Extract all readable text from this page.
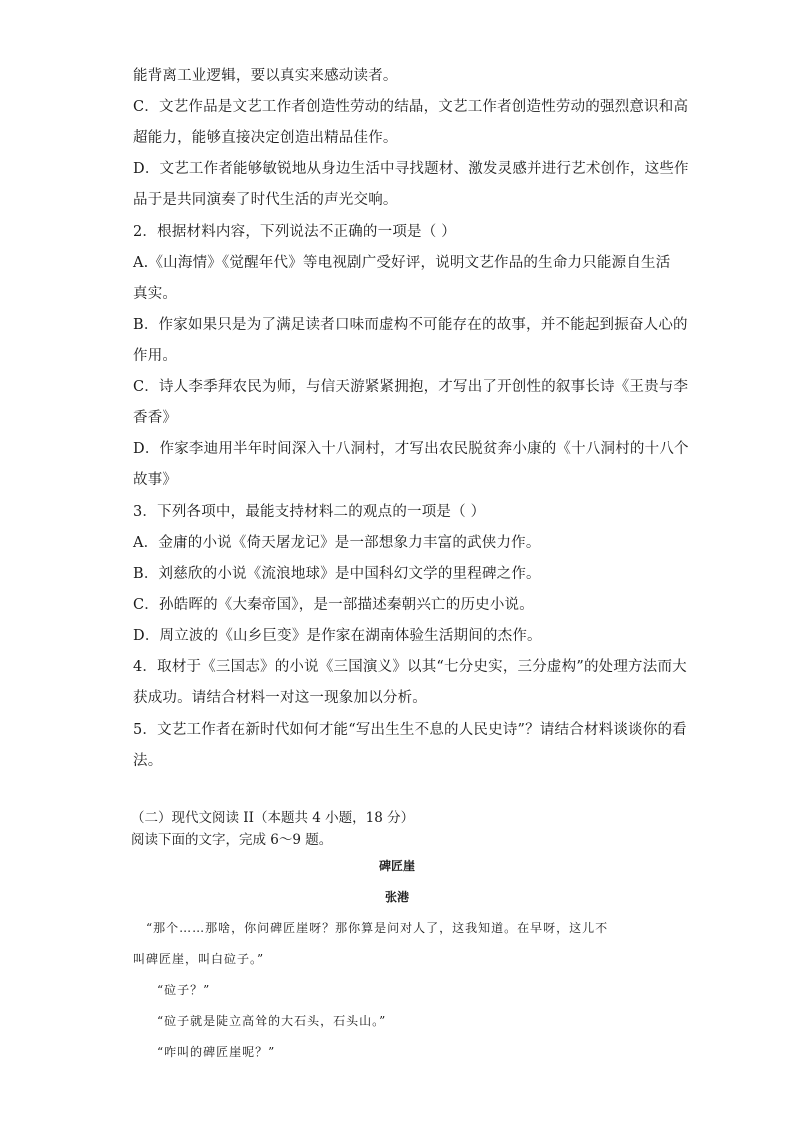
能背离工业逻辑，要以真实来感动读者。
C．文艺作品是文艺工作者创造性劳动的结晶，文艺工作者创造性劳动的强烈意识和高
超能力，能够直接决定创造出精品佳作。
D．文艺工作者能够敏锐地从身边生活中寻找题材、激发灵感并进行艺术创作，这些作
品于是共同演奏了时代生活的声光交响。
2．根据材料内容，下列说法不正确的一项是（ ）
A.《山海情》《觉醒年代》等电视剧广受好评，说明文艺作品的生命力只能源自生活
真实。
B．作家如果只是为了满足读者口味而虚构不可能存在的故事，并不能起到振奋人心的
作用。
C．诗人李季拜农民为师，与信天游紧紧拥抱，才写出了开创性的叙事长诗《王贵与李
香香》
D．作家李迪用半年时间深入十八洞村，才写出农民脱贫奔小康的《十八洞村的十八个
故事》
3．下列各项中，最能支持材料二的观点的一项是（ ）
A．金庸的小说《倚天屠龙记》是一部想象力丰富的武侠力作。
B．刘慈欣的小说《流浪地球》是中国科幻文学的里程碑之作。
C．孙皓晖的《大秦帝国》，是一部描述秦朝兴亡的历史小说。
D．周立波的《山乡巨变》是作家在湖南体验生活期间的杰作。
4．取材于《三国志》的小说《三国演义》以其“七分史实，三分虚构”的处理方法而大
获成功。请结合材料一对这一现象加以分析。
5．文艺工作者在新时代如何才能“写出生生不息的人民史诗”？请结合材料谈谈你的看
法。
（二）现代文阅读 II（本题共 4 小题，18 分）
阅读下面的文字，完成 6～9 题。
碑匠崖
张港
“那个……那啥，你问碑匠崖呀？那你算是问对人了，这我知道。在早呀，这儿不
叫碑匠崖，叫白砬子。”
“砬子？”
“砬子就是陡立高耸的大石头，石头山。”
“咋叫的碑匠崖呢？”
